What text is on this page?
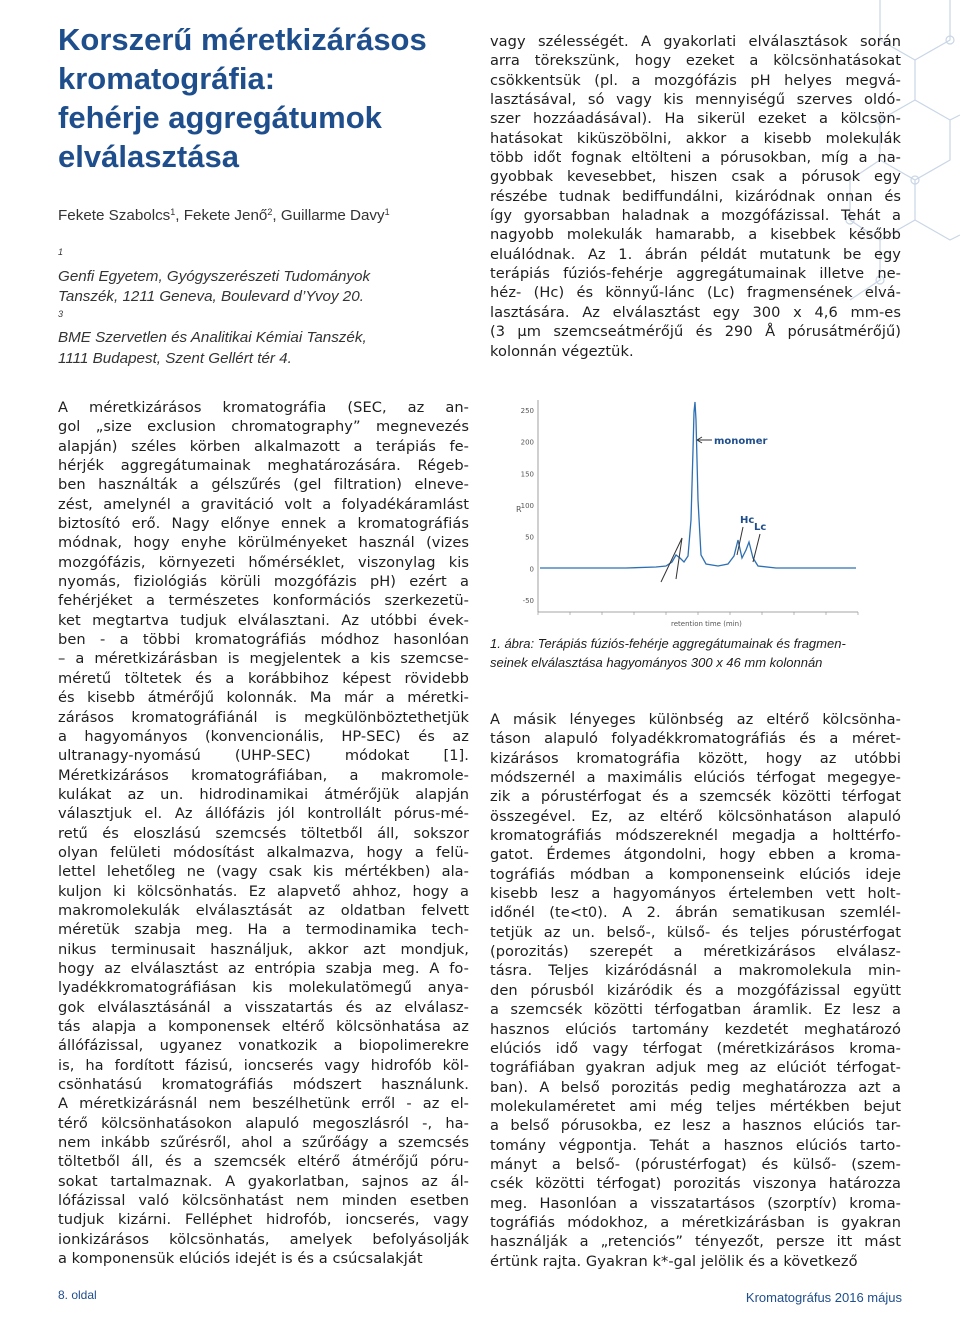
Korszerű méretkizárásos
kromatográfia:
fehérje aggregátumok
elválasztása
Fekete Szabolcs$^1$, Fekete Jenő$^2$, Guillarme Davy$^1$
$^1$
Genfi Egyetem, Gyógyszerészeti Tudományok
Tanszék, 1211 Geneva, Boulevard d’Yvoy 20.
$^3$
BME Szervetlen és Analitikai Kémiai Tanszék,
1111 Budapest, Szent Gellért tér 4.
vagy szélességét. A gyakorlati elválasztások során
arra törekszünk, hogy ezeket a kölcsönhatásokat
csökkentsük (pl. a mozgófázis pH helyes megvá-
lasztásával, só vagy kis mennyiségű szerves oldó-
szer hozzáadásával). Ha sikerül ezeket a kölcsön-
hatásokat kiküszöbölni, akkor a kisebb molekulák
több időt fognak eltölteni a pórusokban, míg a na-
gyobbak kevesebbet, hiszen csak a pórusok egy
részébe tudnak bediffundálni, kizáródnak onnan és
így gyorsabban haladnak a mozgófázissal. Tehát a
nagyobb molekulák hamarabb, a kisebbek később
eluálódnak. Az 1. ábrán példát mutatunk be egy
terápiás fúziós-fehérje aggregátumainak illetve ne-
héz- (Hc) és könnyű-lánc (Lc) fragmensének elvá-
lasztására. Az elválasztást egy 300 x 4,6 mm-es
(3 µm szemcseátmérőjű és 290 Å pórusátmérőjű)
kolonnán végeztük.
A méretkizárásos kromatográfia (SEC, az an-
gol „size exclusion chromatography” megnevezés
alapján) széles körben alkalmazott a terápiás fe-
hérjék aggregátumainak meghatározására. Régeb-
ben használták a gélszűrés (gel filtration) elneve-
zést, amelynél a gravitáció volt a folyadékáramlást
biztosító erő. Nagy előnye ennek a kromatográfiás
módnak, hogy enyhe körülményeket használ (vizes
mozgófázis, környezeti hőmérséklet, viszonylag kis
nyomás, fiziológiás körüli mozgófázis pH) ezért a
fehérjéket a természetes konformációs szerkezetü-
ket megtartva tudjuk elválasztani. Az utóbbi évek-
ben - a többi kromatográfiás módhoz hasonlóan
– a méretkizárásban is megjelentek a kis szemcse-
méretű töltetek és a korábbihoz képest rövidebb
és kisebb átmérőjű kolonnák. Ma már a méretki-
zárásos kromatográfiánál is megkülönböztethetjük
a hagyományos (konvencionális, HP-SEC) és az
ultranagy-nyomású (UHP-SEC) módokat [1].
Méretkizárásos kromatográfiában, a makromole-
kulákat az un. hidrodinamikai átmérőjük alapján
választjuk el. Az állófázis jól kontrollált pórus-mé-
retű és eloszlású szemcsés töltetből áll, sokszor
olyan felületi módosítást alkalmazva, hogy a felü-
lettel lehetőleg ne (vagy csak kis mértékben) ala-
kuljon ki kölcsönhatás. Ez alapvető ahhoz, hogy a
makromolekulák elválasztását az oldatban felvett
méretük szabja meg. Ha a termodinamika tech-
nikus terminusait használjuk, akkor azt mondjuk,
hogy az elválasztást az entrópia szabja meg. A fo-
lyadékkromatográfiásan kis molekulatömegű anya-
gok elválasztásánál a visszatartás és az elválasz-
tás alapja a komponensek eltérő kölcsönhatása az
állófázissal, ugyanez vonatkozik a biopolimerekre
is, ha fordított fázisú, ioncserés vagy hidrofób köl-
csönhatású kromatográfiás módszert használunk.
A méretkizárásnál nem beszélhetünk erről - az el-
térő kölcsönhatásokon alapuló megoszlásról -, ha-
nem inkább szűrésről, ahol a szűrőágy a szemcsés
töltetből áll, és a szemcsék eltérő átmérőjű póru-
sokat tartalmaznak. A gyakorlatban, sajnos az ál-
lófázissal való kölcsönhatást nem minden esetben
tudjuk kizárni. Felléphet hidrofób, ioncserés, vagy
ionkizárásos kölcsönhatás, amelyek befolyásolják
a komponensük elúciós idejét is és a csúcsalakját
A másik lényeges különbség az eltérő kölcsönha-
táson alapuló folyadékkromatográfiás és a méret-
kizárásos kromatográfia között, hogy az utóbbi
módszernél a maximális elúciós térfogat megegye-
zik a pórustérfogat és a szemcsék közötti térfogat
összegével. Ez, az eltérő kölcsönhatáson alapuló
kromatográfiás módszereknél megadja a holttérfo-
gatot. Érdemes átgondolni, hogy ebben a kroma-
tográfiás módban a komponenseink elúciós ideje
kisebb lesz a hagyományos értelemben vett holt-
időnél (te<t0). A 2. ábrán sematikusan szemlél-
tetjük az un. belső-, külső- és teljes pórustérfogat
(porozitás) szerepét a méretkizárásos elválasz-
tásra. Teljes kizáródásnál a makromolekula min-
den pórusból kizáródik és a mozgófázissal együtt
a szemcsék közötti térfogatban áramlik. Ez lesz a
hasznos elúciós tartomány kezdetét meghatározó
elúciós idő vagy térfogat (méretkizárásos kroma-
tográfiában gyakran adjuk meg az elúciót térfogat-
ban). A belső porozitás pedig meghatározza azt a
molekulaméretet ami még teljes mértékben bejut
a belső pórusokba, ez lesz a hasznos elúciós tar-
tomány végpontja. Tehát a hasznos elúciós tarto-
mányt a belső- (pórustérfogat) és külső- (szem-
csék közötti térfogat) porozitás viszonya határozza
meg. Hasonlóan a visszatartásos (szorptív) kroma-
tográfiás módokhoz, a méretkizárásban is gyakran
használják a „retenciós” tényezőt, persze itt mást
értünk rajta. Gyakran k*-gal jelölik és a következő
250
200
150
100
50
0
-50
R
retention time (min)
monomer
Hc
Lc
1. ábra: Terápiás fúziós-fehérje aggregátumainak és fragmen-
seinek elválasztása hagyományos 300 x 46 mm kolonnán
8. oldal	Kromatográfus 2016 május
